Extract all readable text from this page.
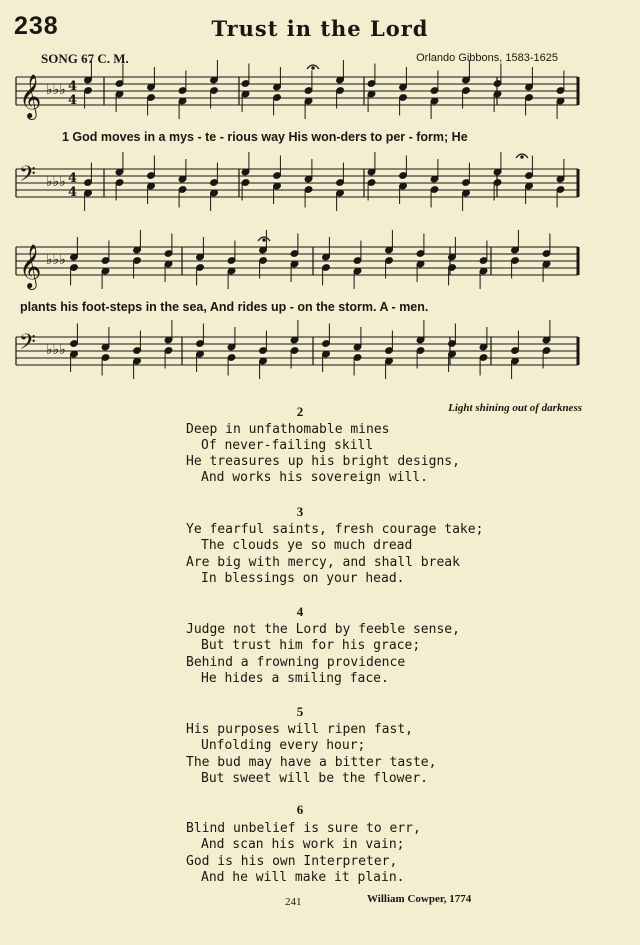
238	Trust in the Lord
SONG 67 C. M.	Orlando Gibbons, 1583-1625
𝄞 ♭♭♭ 4
4
𝄢 ♭♭♭ 4
4
𝄞 ♭♭♭
𝄢 ♭♭♭
1 God moves in a mys - te - rious way His won-ders to per - form; He
plants his foot-steps in the sea, And rides up - on the storm. A - men.
Light shining out of darkness
2
Deep in unfathomable mines
Of never-failing skill
He treasures up his bright designs,
And works his sovereign will.
3
Ye fearful saints, fresh courage take;
The clouds ye so much dread
Are big with mercy, and shall break
In blessings on your head.
4
Judge not the Lord by feeble sense,
But trust him for his grace;
Behind a frowning providence
He hides a smiling face.
5
His purposes will ripen fast,
Unfolding every hour;
The bud may have a bitter taste,
But sweet will be the flower.
6
Blind unbelief is sure to err,
And scan his work in vain;
God is his own Interpreter,
And he will make it plain.
241	William Cowper, 1774
